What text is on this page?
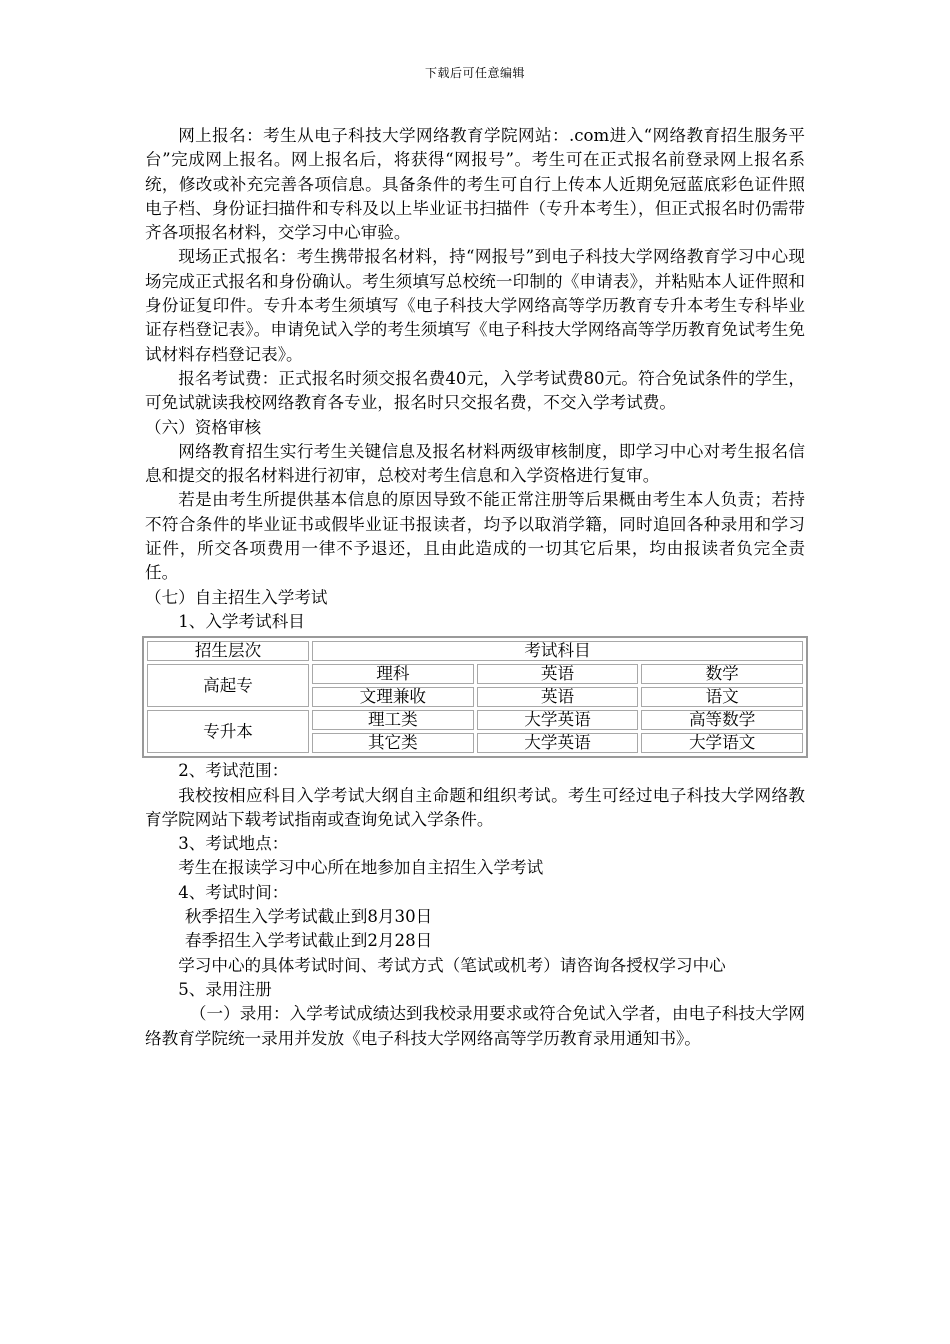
下载后可任意编辑

网上报名：考生从电子科技大学网络教育学院网站：.com进入“网络教育招生服务平台”完成网上报名。网上报名后，将获得“网报号”。考生可在正式报名前登录网上报名系统，修改或补充完善各项信息。具备条件的考生可自行上传本人近期免冠蓝底彩色证件照电子档、身份证扫描件和专科及以上毕业证书扫描件（专升本考生），但正式报名时仍需带齐各项报名材料，交学习中心审验。

现场正式报名：考生携带报名材料，持“网报号”到电子科技大学网络教育学习中心现场完成正式报名和身份确认。考生须填写总校统一印制的《申请表》，并粘贴本人证件照和身份证复印件。专升本考生须填写《电子科技大学网络高等学历教育专升本考生专科毕业证存档登记表》。申请免试入学的考生须填写《电子科技大学网络高等学历教育免试考生免试材料存档登记表》。

报名考试费：正式报名时须交报名费40元，入学考试费80元。符合免试条件的学生，可免试就读我校网络教育各专业，报名时只交报名费，不交入学考试费。

（六）资格审核

网络教育招生实行考生关键信息及报名材料两级审核制度，即学习中心对考生报名信息和提交的报名材料进行初审，总校对考生信息和入学资格进行复审。

若是由考生所提供基本信息的原因导致不能正常注册等后果概由考生本人负责；若持不符合条件的毕业证书或假毕业证书报读者，均予以取消学籍，同时追回各种录用和学习证件，所交各项费用一律不予退还，且由此造成的一切其它后果，均由报读者负完全责任。

（七）自主招生入学考试

1、入学考试科目

招生层次	考试科目		
高起专	理科	英语	数学
	文理兼收	英语	语文
专升本	理工类	大学英语	高等数学
	其它类	大学英语	大学语文

2、考试范围：

我校按相应科目入学考试大纲自主命题和组织考试。考生可经过电子科技大学网络教育学院网站下载考试指南或查询免试入学条件。

3、考试地点：

考生在报读学习中心所在地参加自主招生入学考试

4、考试时间：

秋季招生入学考试截止到8月30日

春季招生入学考试截止到2月28日

学习中心的具体考试时间、考试方式（笔试或机考）请咨询各授权学习中心

5、录用注册

（一）录用：入学考试成绩达到我校录用要求或符合免试入学者，由电子科技大学网络教育学院统一录用并发放《电子科技大学网络高等学历教育录用通知书》。
